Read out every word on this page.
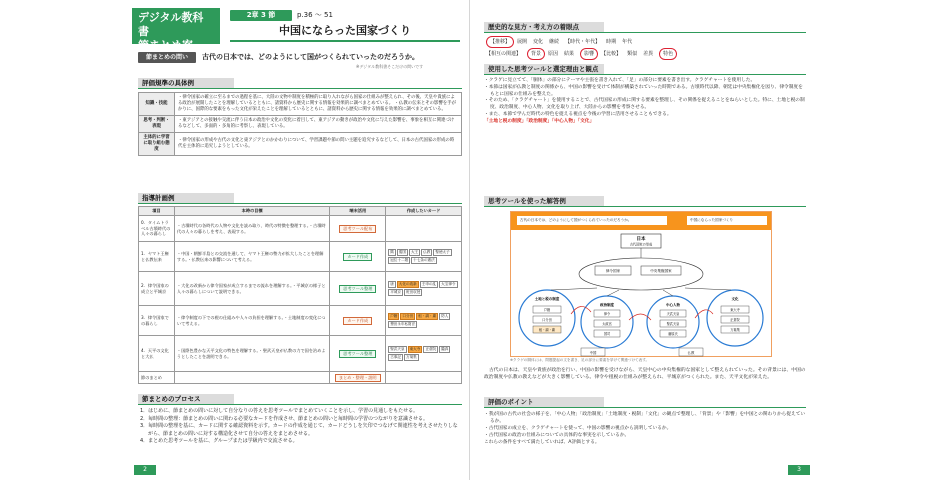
デジタル教科書
節まとめ案
2章 3 節	p.36 ～ 51
中国にならった国家づくり
節まとめの問い	古代の日本では、どのようにして国がつくられていったのだろうか。
※デジタル教科書そこだけの問いです
評価規準の具体例
知識・技能	・律令国家の確立に至るまでの過程を基に、大陸の文物や制度を積極的に取り入れながら国家の仕組みが整えられ、その後、天皇や貴族による政治が展開したことを理解しているとともに、諸資料から歴史に関する情報を効果的に調べまとめている。 ・仏教の伝来とその影響を手がかりに、国際的な要素をもった文化が栄えたことを理解しているとともに、諸資料から歴史に関する情報を効果的に調べまとめている。
思考・判断・表現	・東アジアとの接触や交流に伴う日本の政治や文化の変化に着目して、東アジアの動きが政治や文化に与えた影響を、事象を相互に関連づけるなどして、多面的・多角的に考察し、表現している。
主体的に学習に取り組む態度	・律令国家の形成や古代の文化と東アジアとのかかわりについて、学習課題や節の問い主題を追究するなどして、日本の古代国家の形成の時代を主体的に追究しようとしている。
指導計画例
項目	本時の目標	端末活用	作成したいカード
0．タイムトラベル古墳時代の人々の暮らし	・古墳時代の各時代の人物や文化を読み取り、時代の特徴を整理する。・古墳時代の人々の暮らしを考え、表現する。	思考ツール配布	
1．ヤマト王権と仏教伝来	・中国・朝鮮半島との交流を通して、ヤマト王権の勢力が拡大したことを理解する。・仏教伝来の影響について考える。	カード作成	隋 倭国 大王 仏教 聖徳太子冠位十二階 十七条の憲法
2．律令国家の成立と平城京	・大化の改新から律令国家が成立するまでの流れを理解する。・平城京の様子と人々の暮らしについて説明できる。	思考ツール整理	唐 大化の改新 壬申の乱 大宝律令平城京 班田収授
3．律令国家での暮らし	・律令制度の下での税の仕組みや人々の負担を理解する。・土地制度の変化について考える。	カード作成	戸籍 口分田 租・調・庸 防人墾田永年私財法
4．天平の文化と大仏	・国際色豊かな天平文化の特色を理解する。・聖武天皇が仏教の力で国を治めようとしたことを説明できる。	思考ツール整理	聖武天皇 東大寺 正倉院 鑑真古事記 万葉集
節のまとめ		まとめ・整理・説明	
節まとめのプロセス
1．はじめに、節まとめの問いに対して自分なりの答えを思考ツールでまとめていくことを示し、学習の見通しをもたせる。
2．毎時間の整理：節まとめの問いに関わる必要なカードを作成させ、節まとめの問いと毎時間の学習のつながりを意識させる。
3．毎時間の整理を基に、カードに関する確認資料を示す。カードの作成を通じて、カードどうしを矢印でつなげて関連性を考えさせたりしながら、節まとめの問いに対する構造化させて自分の答えをまとめさせる。
4．まとめた思考ツールを基に、グループまたは学級内で交流させる。
2
歴史的な見方・考え方の着眼点
【推移】 展開 変化 継続 【時代・年代】 時期 年代
【相互の関連】 背景 原因 結果 影響 【比較】 類似 差異 特色
使用した思考ツールと選定理由と観点
・クラゲに見立てて、「胴体」の部分にテーマや主張を書き入れて、「足」の部分に要素を書き出す。クラゲチャートを使用した。
・本節は国家が仏教と制度の関係から、中国の影響を受けて体制が構築されていった時期である。古墳時代以降、朝廷は中央集権化を図り、律令制度をもとに国家の仕組みを整えた。
・そのため、「クラゲチャート」を使用することで、古代国家の形成に関する要素を整理し、その関係を捉えることをねらいとした。特に、土地と税の制度、政治制度、中心人物、文化を取り上げ、大陸からの影響を考察させる。
・また、本節で学んだ時代の特色を捉える視点を今後の学習に活用させることもできる。
「土地と税の制度」「政治制度」「中心人物」「文化」
思考ツールを使った解答例
古代の日本では、どのようにして国がつくられていったのだろうか。	中国にならった国家づくり
日本
古代国家の形成
律令国家	中央集権国家
土地と税の制度
戸籍
口分田
租・調・庸
政治制度
律令
太政官
国司
中心人物
天武天皇
聖武天皇
藤原氏
文化
東大寺
正倉院
万葉集
中国	仏教
※クラゲの胴体には、問題提起の文を書き、足の部分に要素を挙げて関連づけて表す。
古代の日本は、天皇や貴族が政治を行い、中国の影響を受けながら、天皇中心の中央集権的な国家として整えられていった。その背景には、中国の政治制度や仏教の教えなどが大きく影響している。律令や租税の仕組みが整えられ、平城京がつくられた。また、天平文化が栄えた。
評価のポイント
・我が国の古代の社会の様子を、「中心人物」「政治制度」「土地制度・税制」「文化」の観点で整理し、「背景」や「影響」を中国との関わりから捉えているか。
・古代国家の成立を、クラゲチャートを使って、中国の影響の視点から説明しているか。
・古代国家の政治の仕組みについての具体的な事実を示しているか。
これらの条件をすべて満たしていれば、A評価とする。
3
